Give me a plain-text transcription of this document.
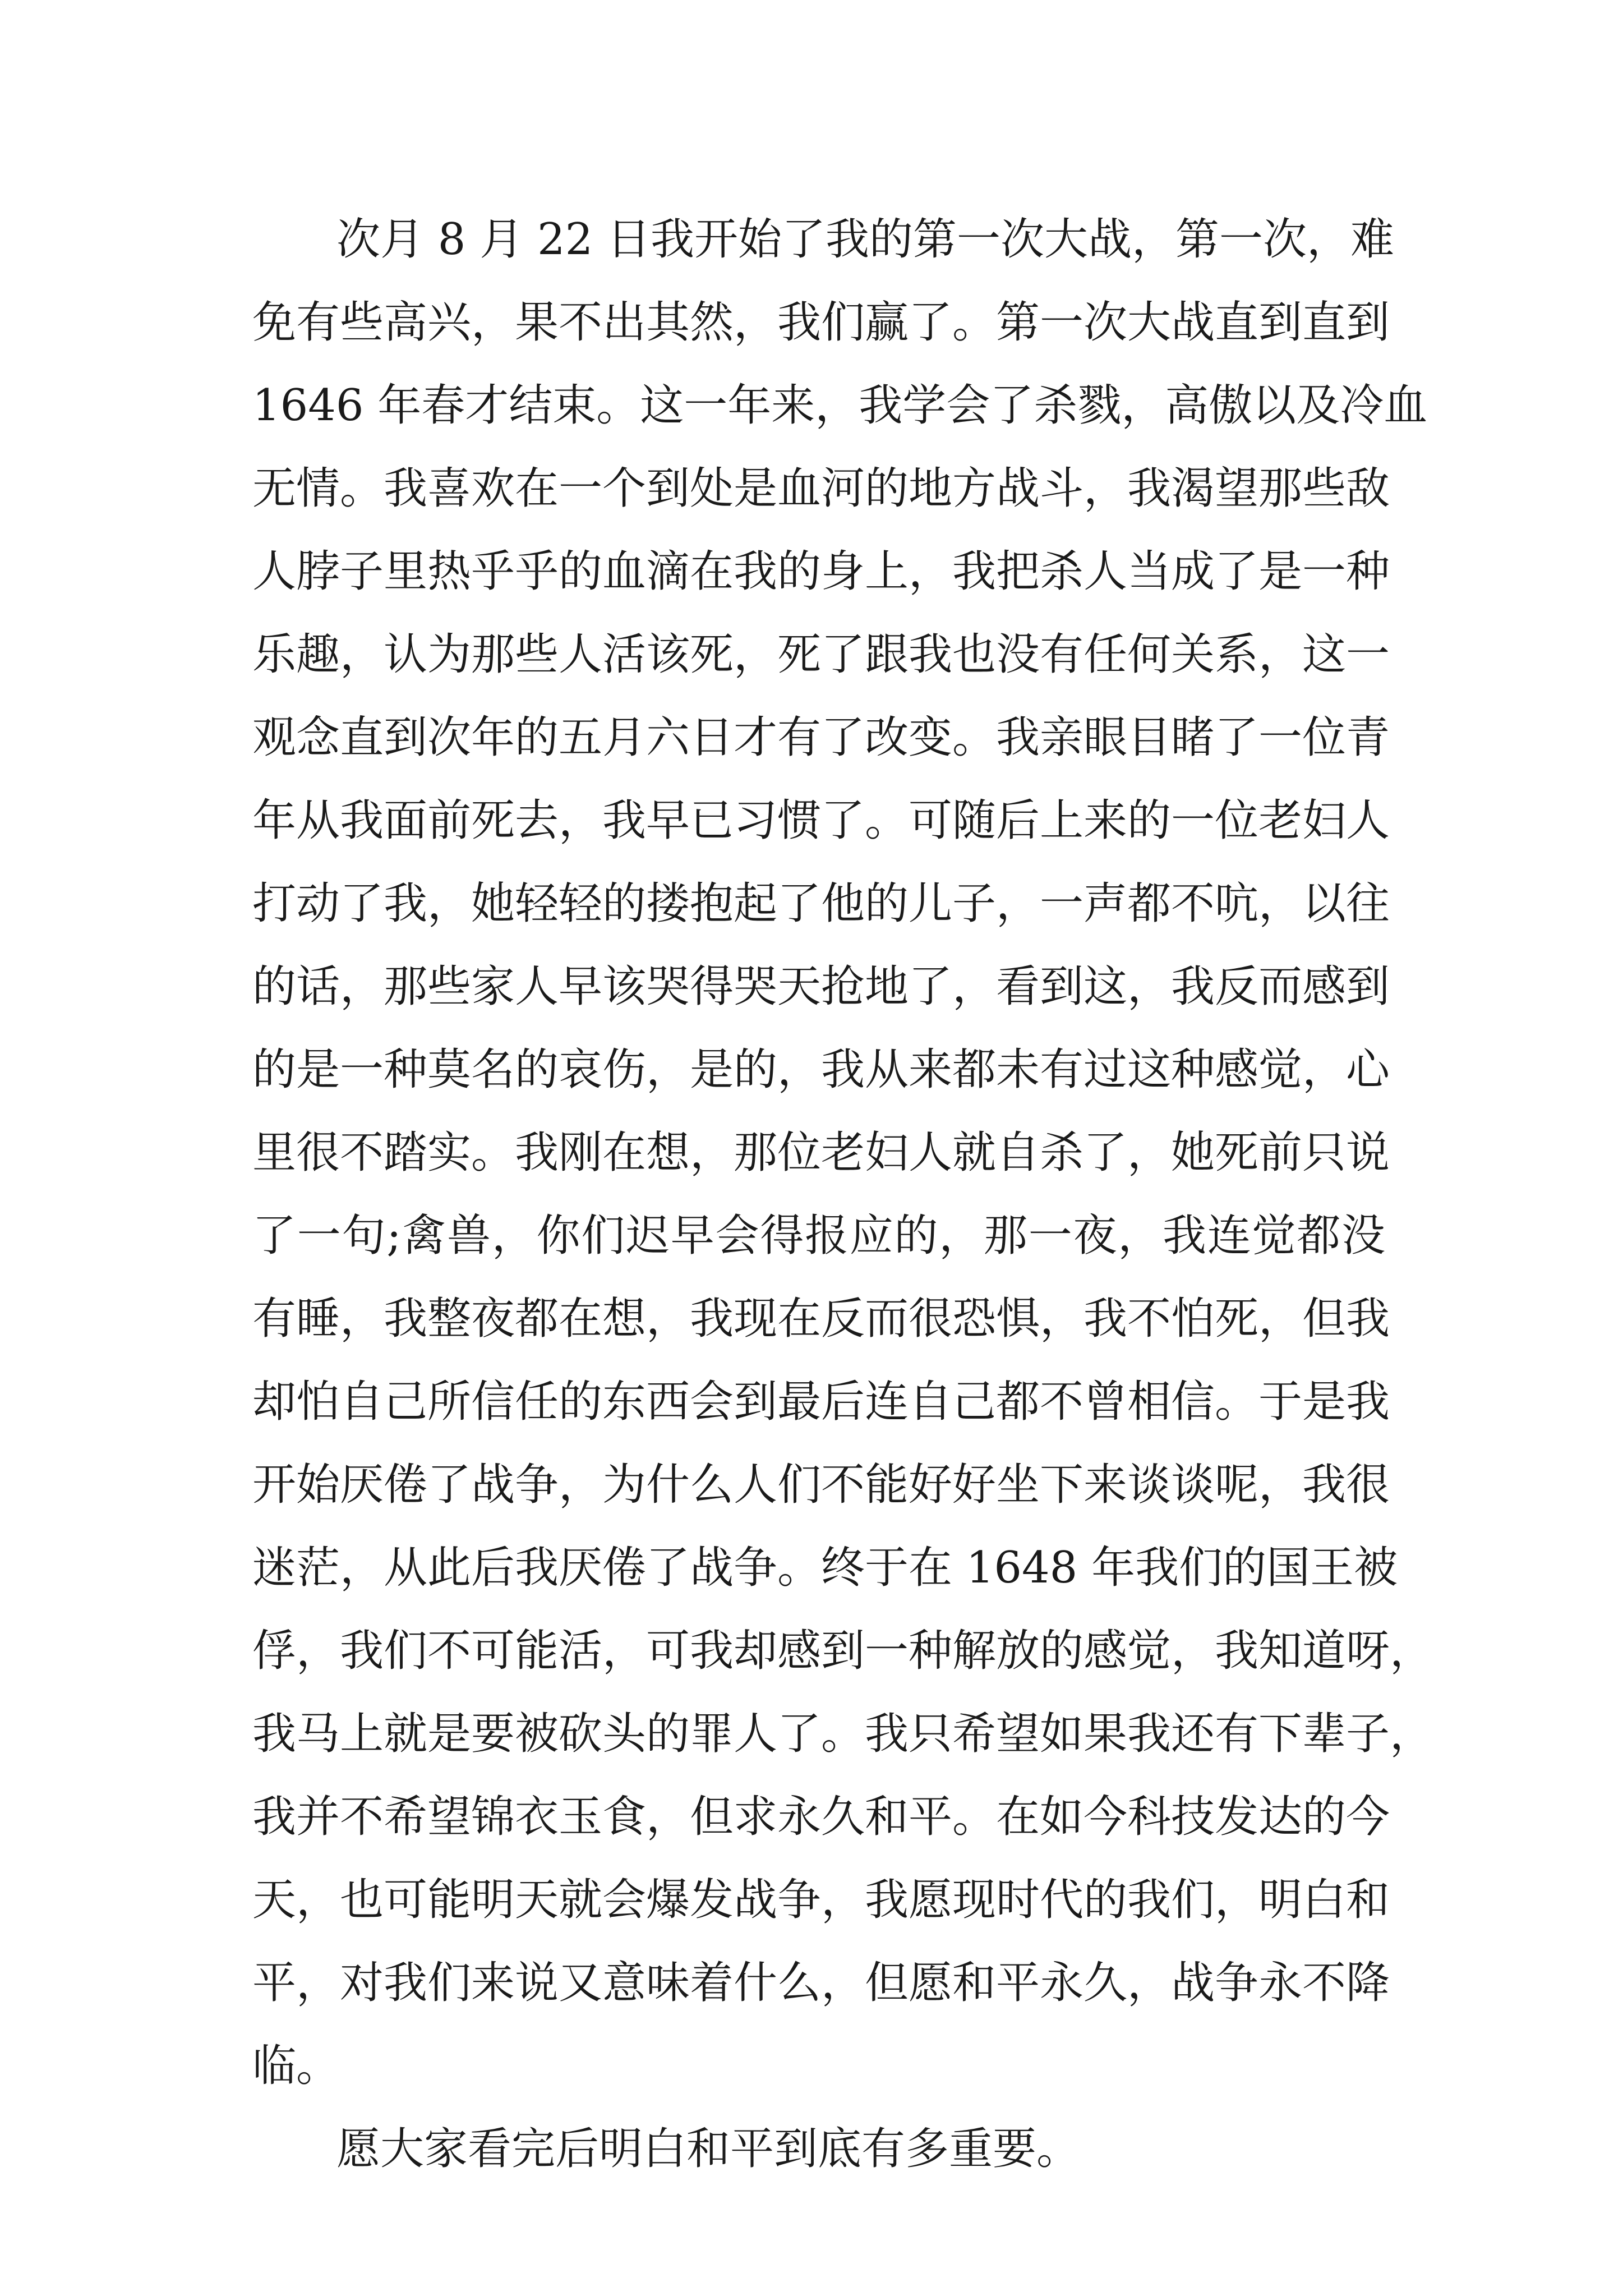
次月 8 月 22 日我开始了我的第一次大战，第一次，难
免有些高兴，果不出其然，我们赢了。第一次大战直到直到
1646 年春才结束。这一年来，我学会了杀戮，高傲以及冷血
无情。我喜欢在一个到处是血河的地方战斗，我渴望那些敌
人脖子里热乎乎的血滴在我的身上，我把杀人当成了是一种
乐趣，认为那些人活该死，死了跟我也没有任何关系，这一
观念直到次年的五月六日才有了改变。我亲眼目睹了一位青
年从我面前死去，我早已习惯了。可随后上来的一位老妇人
打动了我，她轻轻的搂抱起了他的儿子，一声都不吭，以往
的话，那些家人早该哭得哭天抢地了，看到这，我反而感到
的是一种莫名的哀伤，是的，我从来都未有过这种感觉，心
里很不踏实。我刚在想，那位老妇人就自杀了，她死前只说
了一句;禽兽，你们迟早会得报应的，那一夜，我连觉都没
有睡，我整夜都在想，我现在反而很恐惧，我不怕死，但我
却怕自己所信任的东西会到最后连自己都不曾相信。于是我
开始厌倦了战争，为什么人们不能好好坐下来谈谈呢，我很
迷茫，从此后我厌倦了战争。终于在 1648 年我们的国王被
俘，我们不可能活，可我却感到一种解放的感觉，我知道呀，
我马上就是要被砍头的罪人了。我只希望如果我还有下辈子，
我并不希望锦衣玉食，但求永久和平。在如今科技发达的今
天，也可能明天就会爆发战争，我愿现时代的我们，明白和
平，对我们来说又意味着什么，但愿和平永久，战争永不降
临。
愿大家看完后明白和平到底有多重要。
